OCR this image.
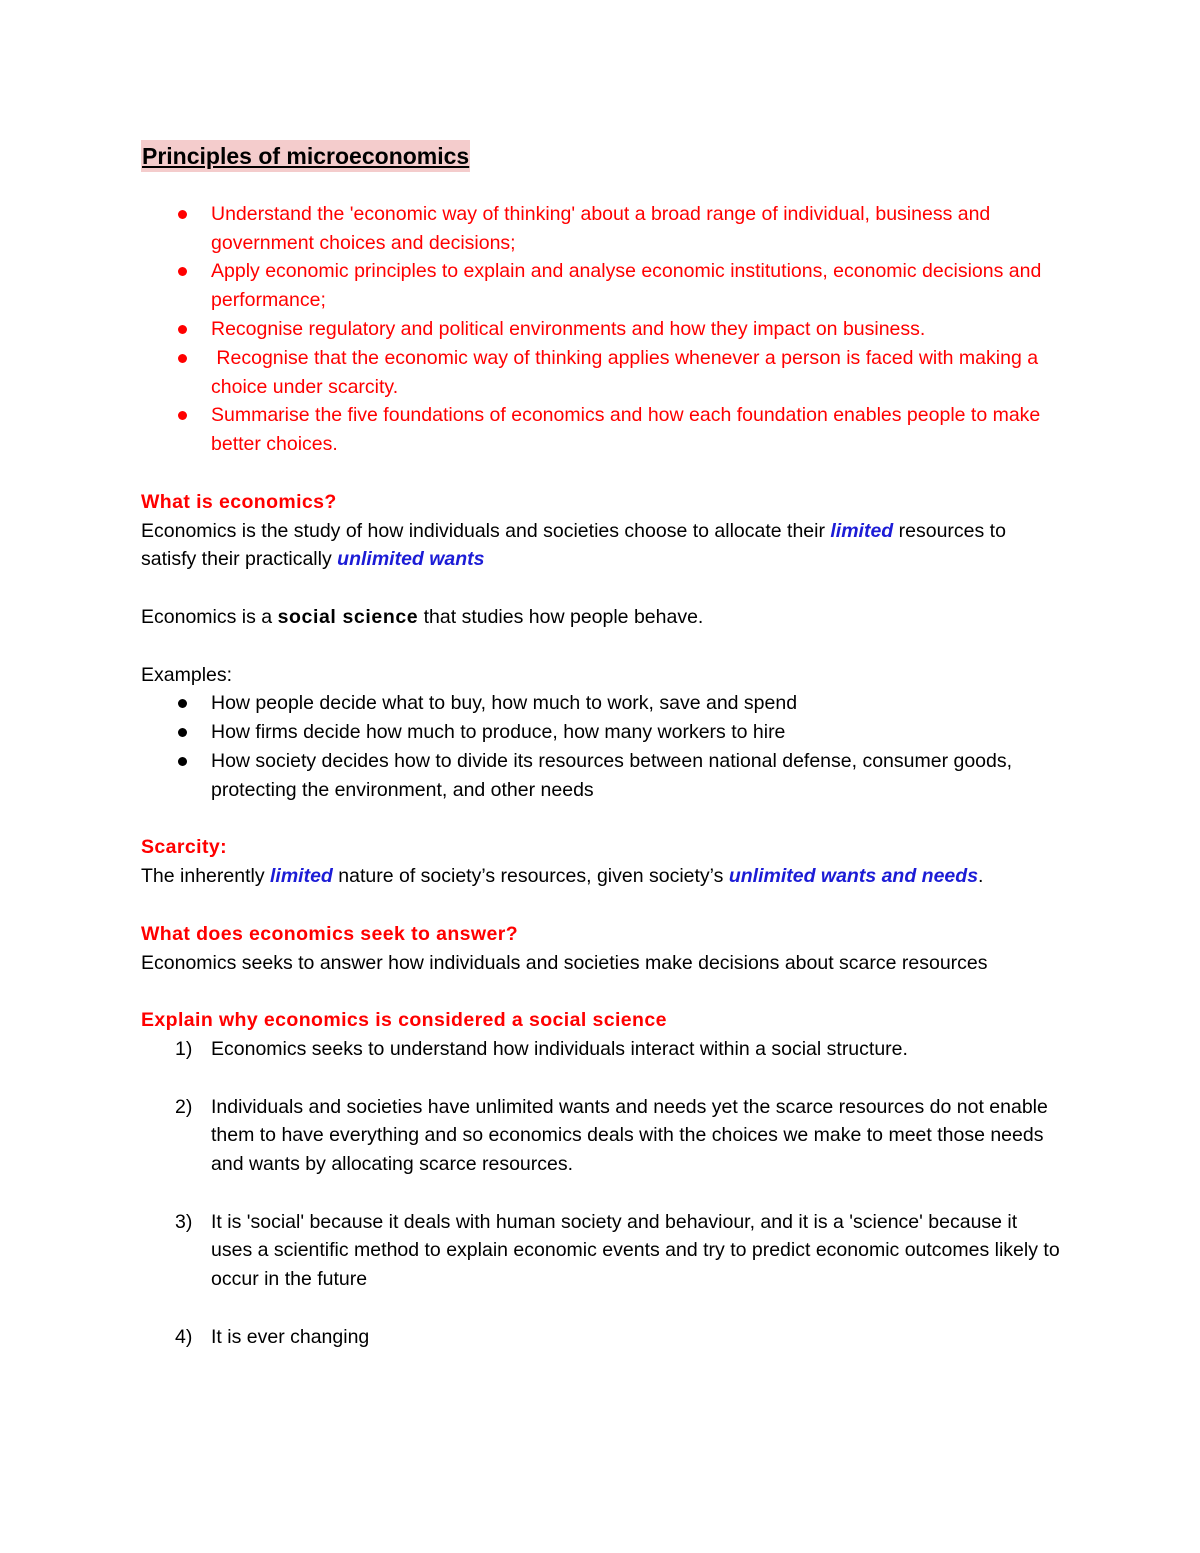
Principles of microeconomics
Understand the 'economic way of thinking' about a broad range of individual, business and government choices and decisions;
Apply economic principles to explain and analyse economic institutions, economic decisions and performance;
Recognise regulatory and political environments and how they impact on business.
Recognise that the economic way of thinking applies whenever a person is faced with making a choice under scarcity.
Summarise the five foundations of economics and how each foundation enables people to make better choices.

What is economics?

Economics is the study of how individuals and societies choose to allocate their limited resources to satisfy their practically unlimited wants

Economics is a social science that studies how people behave.

Examples:

How people decide what to buy, how much to work, save and spend
How firms decide how much to produce, how many workers to hire
How society decides how to divide its resources between national defense, consumer goods, protecting the environment, and other needs

Scarcity:

The inherently limited nature of society’s resources, given society’s unlimited wants and needs.

What does economics seek to answer?

Economics seeks to answer how individuals and societies make decisions about scarce resources

Explain why economics is considered a social science

1) Economics seeks to understand how individuals interact within a social structure.
2) Individuals and societies have unlimited wants and needs yet the scarce resources do not enable them to have everything and so economics deals with the choices we make to meet those needs and wants by allocating scarce resources.
3) It is 'social' because it deals with human society and behaviour, and it is a 'science' because it uses a scientific method to explain economic events and try to predict economic outcomes likely to occur in the future
4) It is ever changing
